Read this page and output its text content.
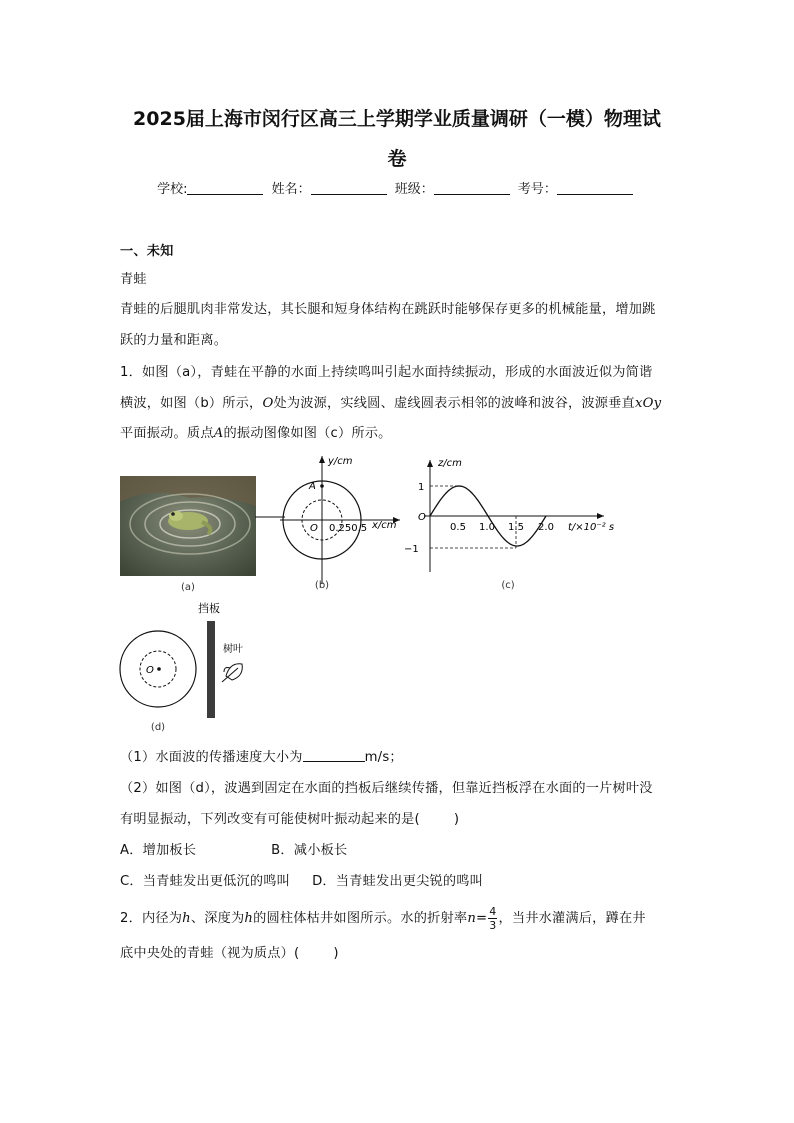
2025届上海市闵行区高三上学期学业质量调研（一模）物理试
卷
学校:	姓名：	班级：	考号：
一、未知
青蛙
青蛙的后腿肌肉非常发达，其长腿和短身体结构在跳跃时能够保存更多的机械能量，增加跳
跃的力量和距离。
1．如图（a），青蛙在平静的水面上持续鸣叫引起水面持续振动，形成的水面波近似为简谐
横波，如图（b）所示，O处为波源，实线圆、虚线圆表示相邻的波峰和波谷，波源垂直xOy
平面振动。质点A的振动图像如图（c）所示。
(a)
y/cm
x/cm
A
O 0.250.5
(b)
z/cm
t/×10⁻² s
O
1
−1
0.5 1.0 1.5 2.0
(c)
挡板
O
树叶
(d)
（1）水面波的传播速度大小为	m/s；
（2）如图（d），波遇到固定在水面的挡板后继续传播，但靠近挡板浮在水面的一片树叶没
有明显振动，下列改变有可能使树叶振动起来的是(	)
A．增加板长	B．减小板长
C．当青蛙发出更低沉的鸣叫 D．当青蛙发出更尖锐的鸣叫
2．内径为h、深度为h的圆柱体枯井如图所示。水的折射率$n= \frac{4}{3}$ ，当井水灌满后，蹲在井
底中央处的青蛙（视为质点）(	)
